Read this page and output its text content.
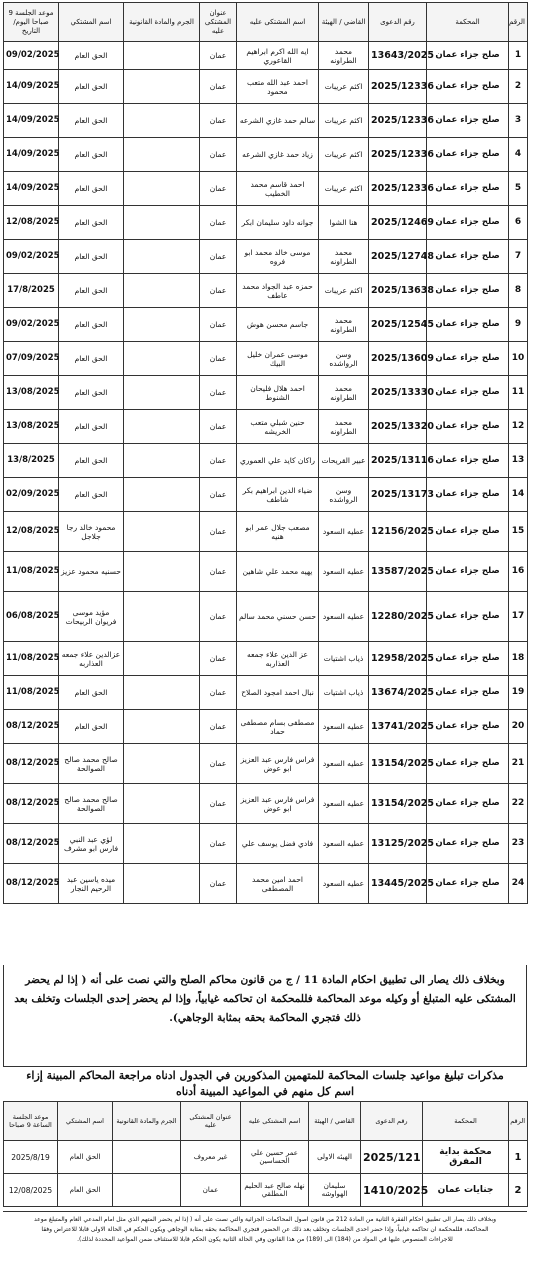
الرقم	المحكمة	رقم الدعوى	القاضي / الهيئة	اسم المشتكى عليه	عنوان المشتكى عليه	الجرم والمادة القانونية	اسم المشتكي	موعد الجلسة 9 صباحا اليوم/التاريخ
1	صلح جزاء عمان	13643/2025	محمد الطراونه	ايه الله اكرم ابراهيم القاعوري	عمان		الحق العام	09/02/2025
2	صلح جزاء عمان	2025/12336	اكثم عريبات	احمد عبد الله متعب محمود	عمان		الحق العام	14/09/2025
3	صلح جزاء عمان	2025/12336	اكثم عريبات	سالم حمد غازي الشرعه	عمان		الحق العام	14/09/2025
4	صلح جزاء عمان	2025/12336	اكثم عريبات	زياد حمد غازي الشرعه	عمان		الحق العام	14/09/2025
5	صلح جزاء عمان	2025/12336	اكثم عريبات	احمد قاسم محمد الخطيب	عمان		الحق العام	14/09/2025
6	صلح جزاء عمان	2025/12469	هنا الشوا	جوانه داود سليمان ابكر	عمان		الحق العام	12/08/2025
7	صلح جزاء عمان	2025/12748	محمد الطراونه	موسى خالد محمد ابو فروه	عمان		الحق العام	09/02/2025
8	صلح جزاء عمان	2025/13638	اكثم عريبات	حمزه عبد الجواد محمد عاطف	عمان		الحق العام	17/8/2025
9	صلح جزاء عمان	2025/12545	محمد الطراونه	جاسم محسن هوش	عمان		الحق العام	09/02/2025
10	صلح جزاء عمان	2025/13609	وسن الرواشده	موسى عمران خليل البيك	عمان		الحق العام	07/09/2025
11	صلح جزاء عمان	2025/13330	محمد الطراونه	احمد هلال فليحان الشنوط	عمان		الحق العام	13/08/2025
12	صلح جزاء عمان	2025/13320	محمد الطراونه	حنين شبلي متعب الخريشه	عمان		الحق العام	13/08/2025
13	صلح جزاء عمان	2025/13116	عبير القريحات	راكان كايد علي العموري	عمان		الحق العام	13/8/2025
14	صلح جزاء عمان	2025/13173	وسن الرواشده	ضياء الدين ابراهيم بكر شاطف	عمان		الحق العام	02/09/2025
15	صلح جزاء عمان	12156/2025	عطيه السعود	مصعب جلال عمر ابو هنيه	عمان		محمود خالد رجا جلاجل	12/08/2025
16	صلح جزاء عمان	13587/2025	عطيه السعود	يهيه محمد علي شاهين	عمان		حسنيه محمود عزيز	11/08/2025
17	صلح جزاء عمان	12280/2025	عطيه السعود	حسن حسني محمد سالم	عمان		مؤيد موسى فريوان الربيحات	06/08/2025
18	صلح جزاء عمان	12958/2025	ذياب اشتيات	عز الدين علاء جمعه العذاربه	عمان		عزالدين علاء جمعه العذاربه	11/08/2025
19	صلح جزاء عمان	13674/2025	ذياب اشتيات	نبال احمد امجود الصلاح	عمان		الحق العام	11/08/2025
20	صلح جزاء عمان	13741/2025	عطيه السعود	مصطفى بسام مصطفى حماد	عمان		الحق العام	08/12/2025
21	صلح جزاء عمان	13154/2025	عطيه السعود	فراس فارس عبد العزيز ابو عوض	عمان		صالح محمد صالح الصوالحة	08/12/2025
22	صلح جزاء عمان	13154/2025	عطيه السعود	فراس فارس عبد العزيز ابو عوض	عمان		صالح محمد صالح الصوالحة	08/12/2025
23	صلح جزاء عمان	13125/2025	عطيه السعود	فادي فضل يوسف علي	عمان		لؤي عبد النبي فارس ابو مشرف	08/12/2025
24	صلح جزاء عمان	13445/2025	عطيه السعود	احمد امين محمد المصطفى	عمان		ميده ياسين عبد الرحيم النجار	08/12/2025

وبخلاف ذلك يصار الى تطبيق احكام المادة 11 / ج من قانون محاكم الصلح والتي نصت على أنه ( إذا لم يحضر

المشتكى عليه المتبلغ أو وكيله موعد المحاكمة فللمحكمة ان تحاكمه غيابياً، وإذا لم يحضر إحدى الجلسات وتخلف بعد

ذلك فتجري المحاكمة بحقه بمثابة الوجاهي).

مذكرات تبليغ مواعيد جلسات المحاكمة للمتهمين المذكورين في الجدول ادناه مراجعة المحاكم المبينة إزاء
اسم كل منهم في المواعيد المبينة أدناه
الرقم	المحكمة	رقم الدعوى	القاضي / الهيئة	اسم المشتكى عليه	عنوان المشتكى عليه	الجرم والمادة القانونية	اسم المشتكي	موعد الجلسة الساعة 9 صباحا
1	محكمة بداية المفرق	2025/121	الهيئه الاولى	عمر حسين علي الحساسين	غير معروف		الحق العام	2025/8/19
2	جنايات عمان	1410/2025	سليمان الهواوشه	نهله صالح عبد الحليم المطلقي	عمان		الحق العام	12/08/2025
وبخلاف ذلك يصار الى تطبيق احكام الفقرة الثانية من المادة 212 من قانون اصول المحاكمات الجزائية والتي نصت على أنه ( إذا لم يحضر المتهم الذي مثل امام المدعي العام والمتبلغ موعد
المحاكمة، فللمحكمة ان تحاكمه غيابياً، وإذا حضر احدى الجلسات وتخلف بعد ذلك عن الحضور فتجري المحاكمة بحقه بمثابة الوجاهي ويكون الحكم في الحالة الاولى قابلا للاعتراض وفقا
للاجراءات المنصوص عليها في المواد من (184) الى (189) من هذا القانون وفي الحالة الثانية يكون الحكم قابلا للاستئناف ضمن المواعيد المحددة لذلك).
